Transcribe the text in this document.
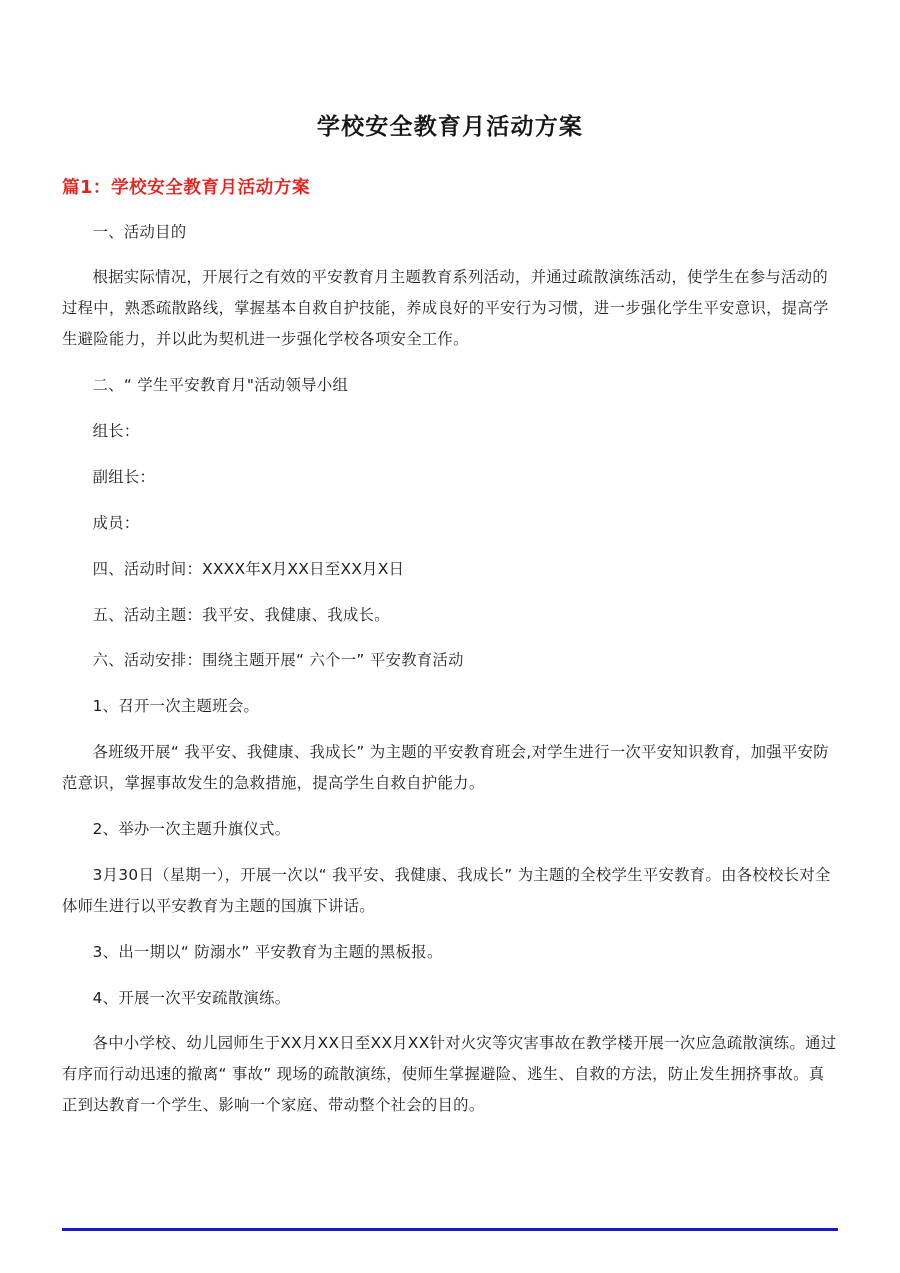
学校安全教育月活动方案

篇1：学校安全教育月活动方案

一、活动目的

根据实际情况，开展行之有效的平安教育月主题教育系列活动，并通过疏散演练活动，使学生在参与活动的过程中，熟悉疏散路线，掌握基本自救自护技能，养成良好的平安行为习惯，进一步强化学生平安意识，提高学生避险能力，并以此为契机进一步强化学校各项安全工作。

二、“ 学生平安教育月"活动领导小组

组长：

副组长：

成员：

四、活动时间：XXXX年X月XX日至XX月X日

五、活动主题：我平安、我健康、我成长。

六、活动安排：围绕主题开展“ 六个一” 平安教育活动

1、召开一次主题班会。

各班级开展“ 我平安、我健康、我成长” 为主题的平安教育班会,对学生进行一次平安知识教育，加强平安防范意识，掌握事故发生的急救措施，提高学生自救自护能力。

2、举办一次主题升旗仪式。

3月30日（星期一），开展一次以“ 我平安、我健康、我成长” 为主题的全校学生平安教育。由各校校长对全体师生进行以平安教育为主题的国旗下讲话。

3、出一期以“ 防溺水” 平安教育为主题的黑板报。

4、开展一次平安疏散演练。

各中小学校、幼儿园师生于XX月XX日至XX月XX针对火灾等灾害事故在教学楼开展一次应急疏散演练。通过有序而行动迅速的撤离“ 事故” 现场的疏散演练，使师生掌握避险、逃生、自救的方法，防止发生拥挤事故。真正到达教育一个学生、影响一个家庭、带动整个社会的目的。
